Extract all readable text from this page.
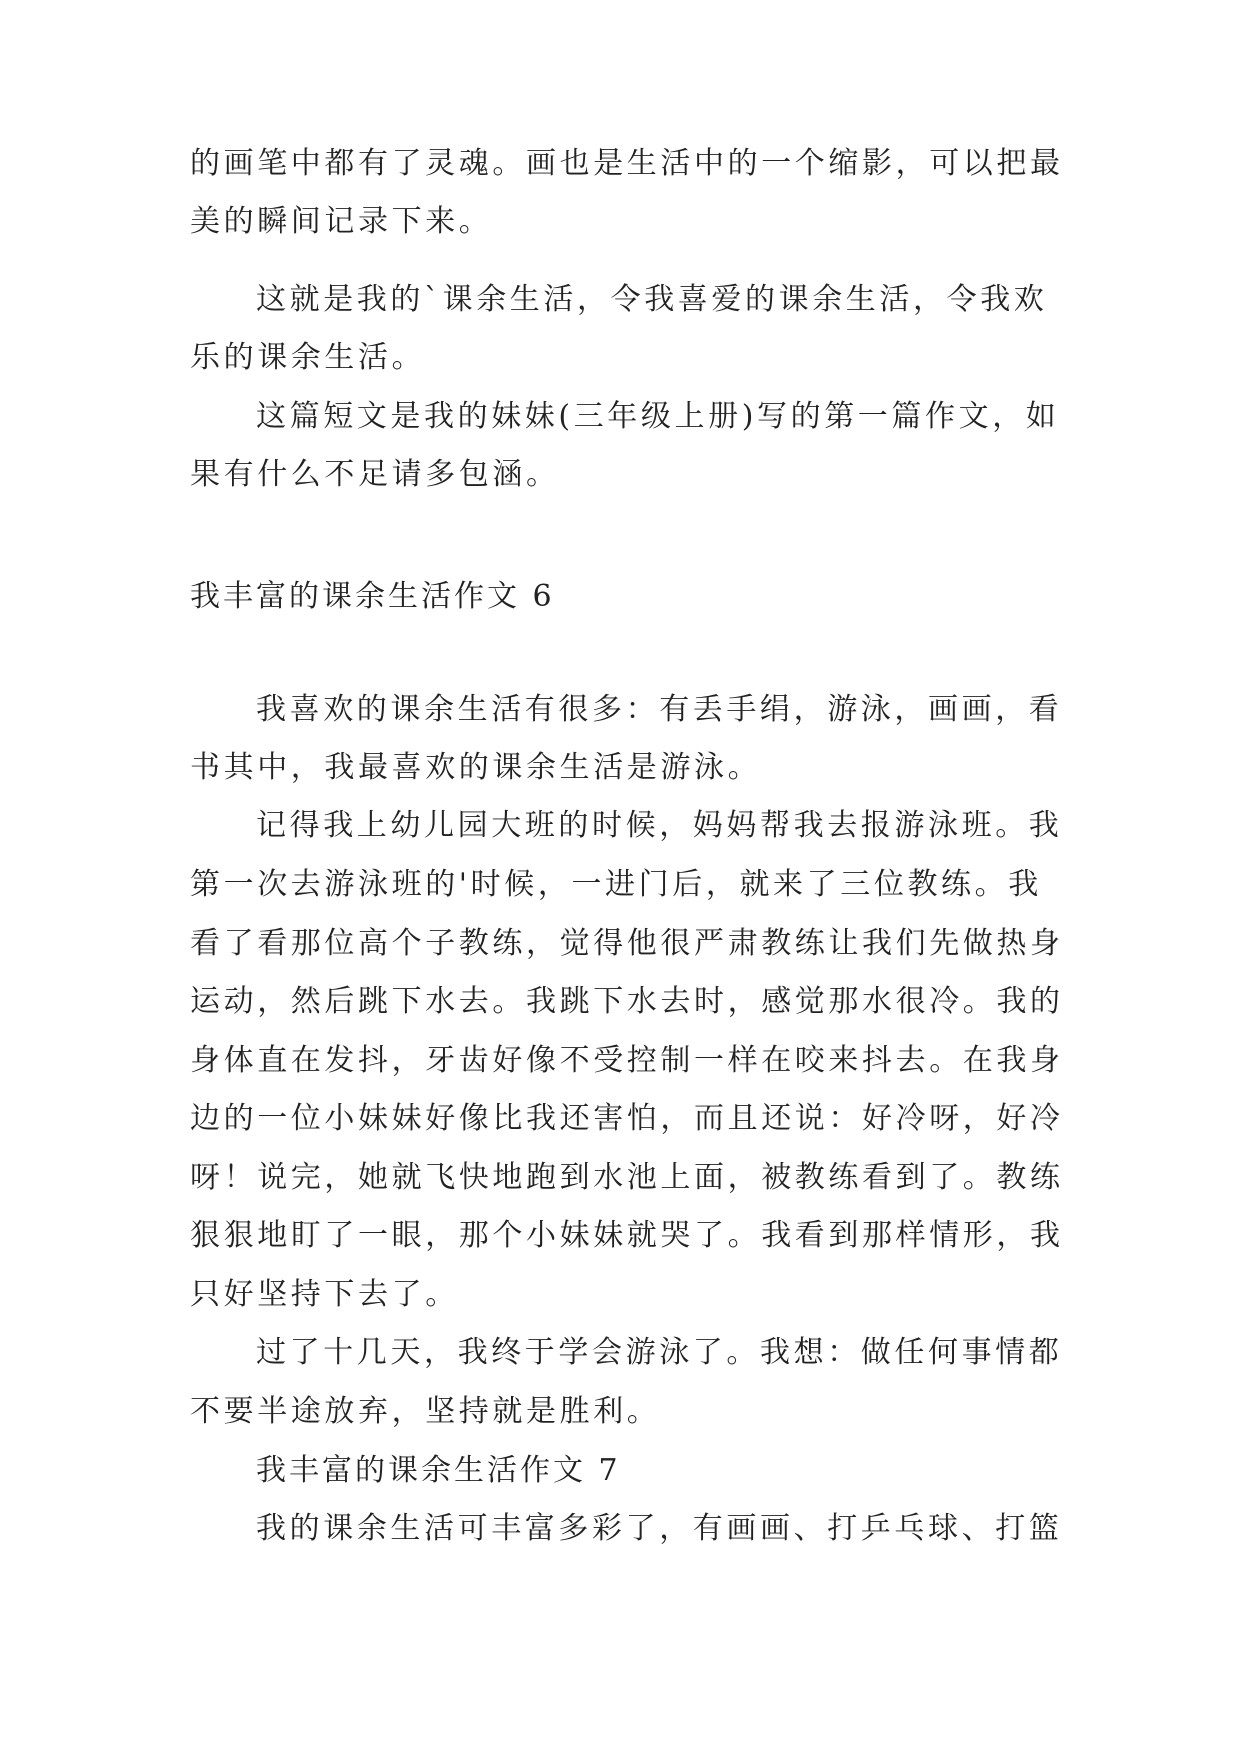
的画笔中都有了灵魂。画也是生活中的一个缩影，可以把最
美的瞬间记录下来。
这就是我的`课余生活，令我喜爱的课余生活，令我欢
乐的课余生活。
这篇短文是我的妹妹(三年级上册)写的第一篇作文，如
果有什么不足请多包涵。
我丰富的课余生活作文 6
我喜欢的课余生活有很多：有丢手绢，游泳，画画，看
书其中，我最喜欢的课余生活是游泳。
记得我上幼儿园大班的时候，妈妈帮我去报游泳班。我
第一次去游泳班的'时候，一进门后，就来了三位教练。我
看了看那位高个子教练，觉得他很严肃教练让我们先做热身
运动，然后跳下水去。我跳下水去时，感觉那水很冷。我的
身体直在发抖，牙齿好像不受控制一样在咬来抖去。在我身
边的一位小妹妹好像比我还害怕，而且还说：好冷呀，好冷
呀！说完，她就飞快地跑到水池上面，被教练看到了。教练
狠狠地盯了一眼，那个小妹妹就哭了。我看到那样情形，我
只好坚持下去了。
过了十几天，我终于学会游泳了。我想：做任何事情都
不要半途放弃，坚持就是胜利。
我丰富的课余生活作文 7
我的课余生活可丰富多彩了，有画画、打乒乓球、打篮
